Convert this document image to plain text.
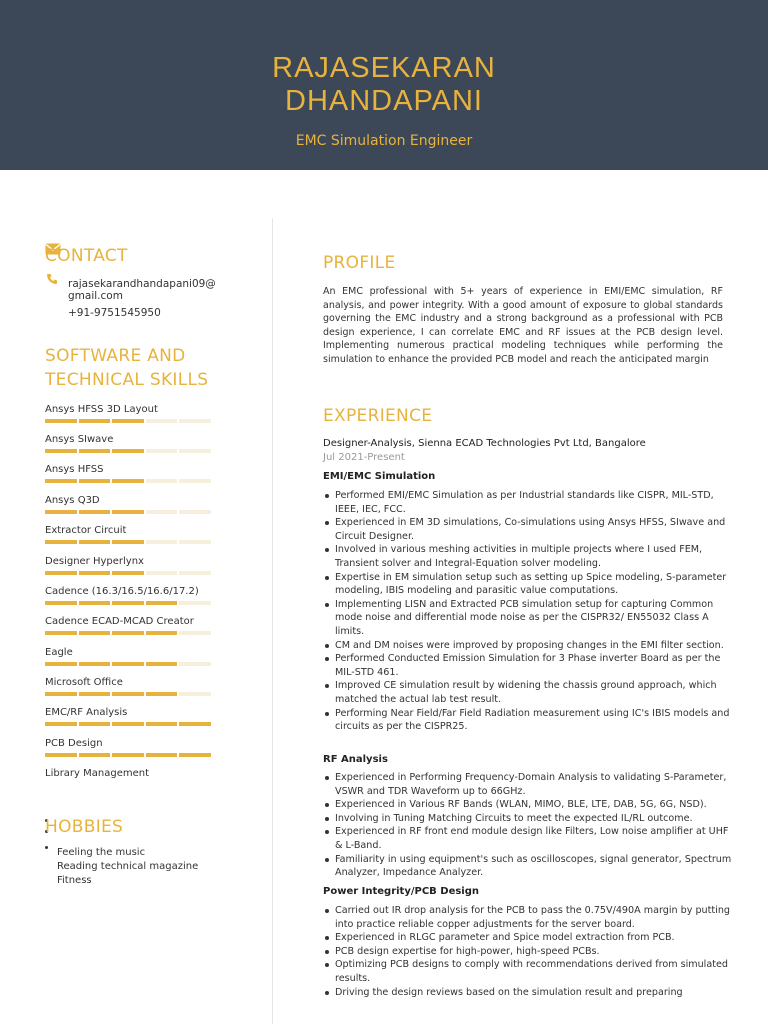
RAJASEKARAN
DHANDAPANI
EMC Simulation Engineer
CONTACT
rajasekarandhandapani09@
gmail.com
+91-9751545950
SOFTWARE AND
TECHNICAL SKILLS
Ansys HFSS 3D Layout
Ansys SIwave
Ansys HFSS
Ansys Q3D
Extractor Circuit
Designer Hyperlynx
Cadence (16.3/16.5/16.6/17.2)
Cadence ECAD-MCAD Creator
Eagle
Microsoft Office
EMC/RF Analysis
PCB Design
Library Management
HOBBIES
Feeling the music
Reading technical magazine
Fitness
PROFILE
An EMC professional with 5+ years of experience in EMI/EMC simulation, RF analysis, and power integrity. With a good amount of exposure to global standards governing the EMC industry and a strong background as a professional with PCB design experience, I can correlate EMC and RF issues at the PCB design level. Implementing numerous practical modeling techniques while performing the simulation to enhance the provided PCB model and reach the anticipated margin
EXPERIENCE
Designer-Analysis, Sienna ECAD Technologies Pvt Ltd, Bangalore
Jul 2021-Present
EMI/EMC Simulation
Performed EMI/EMC Simulation as per Industrial standards like CISPR, MIL-STD, IEEE, IEC, FCC.
Experienced in EM 3D simulations, Co-simulations using Ansys HFSS, SIwave and Circuit Designer.
Involved in various meshing activities in multiple projects where I used FEM, Transient solver and Integral-Equation solver modeling.
Expertise in EM simulation setup such as setting up Spice modeling, S-parameter modeling, IBIS modeling and parasitic value computations.
Implementing LISN and Extracted PCB simulation setup for capturing Common mode noise and differential mode noise as per the CISPR32/ EN55032 Class A limits.
CM and DM noises were improved by proposing changes in the EMI filter section.
Performed Conducted Emission Simulation for 3 Phase inverter Board as per the MIL-STD 461.
Improved CE simulation result by widening the chassis ground approach, which matched the actual lab test result.
Performing Near Field/Far Field Radiation measurement using IC's IBIS models and circuits as per the CISPR25.
RF Analysis
Experienced in Performing Frequency-Domain Analysis to validating S-Parameter, VSWR and TDR Waveform up to 66GHz.
Experienced in Various RF Bands (WLAN, MIMO, BLE, LTE, DAB, 5G, 6G, NSD).
Involving in Tuning Matching Circuits to meet the expected IL/RL outcome.
Experienced in RF front end module design like Filters, Low noise amplifier at UHF & L-Band.
Familiarity in using equipment's such as oscilloscopes, signal generator, Spectrum Analyzer, Impedance Analyzer.
Power Integrity/PCB Design
Carried out IR drop analysis for the PCB to pass the 0.75V/490A margin by putting into practice reliable copper adjustments for the server board.
Experienced in RLGC parameter and Spice model extraction from PCB.
PCB design expertise for high-power, high-speed PCBs.
Optimizing PCB designs to comply with recommendations derived from simulated results.
Driving the design reviews based on the simulation result and preparing
